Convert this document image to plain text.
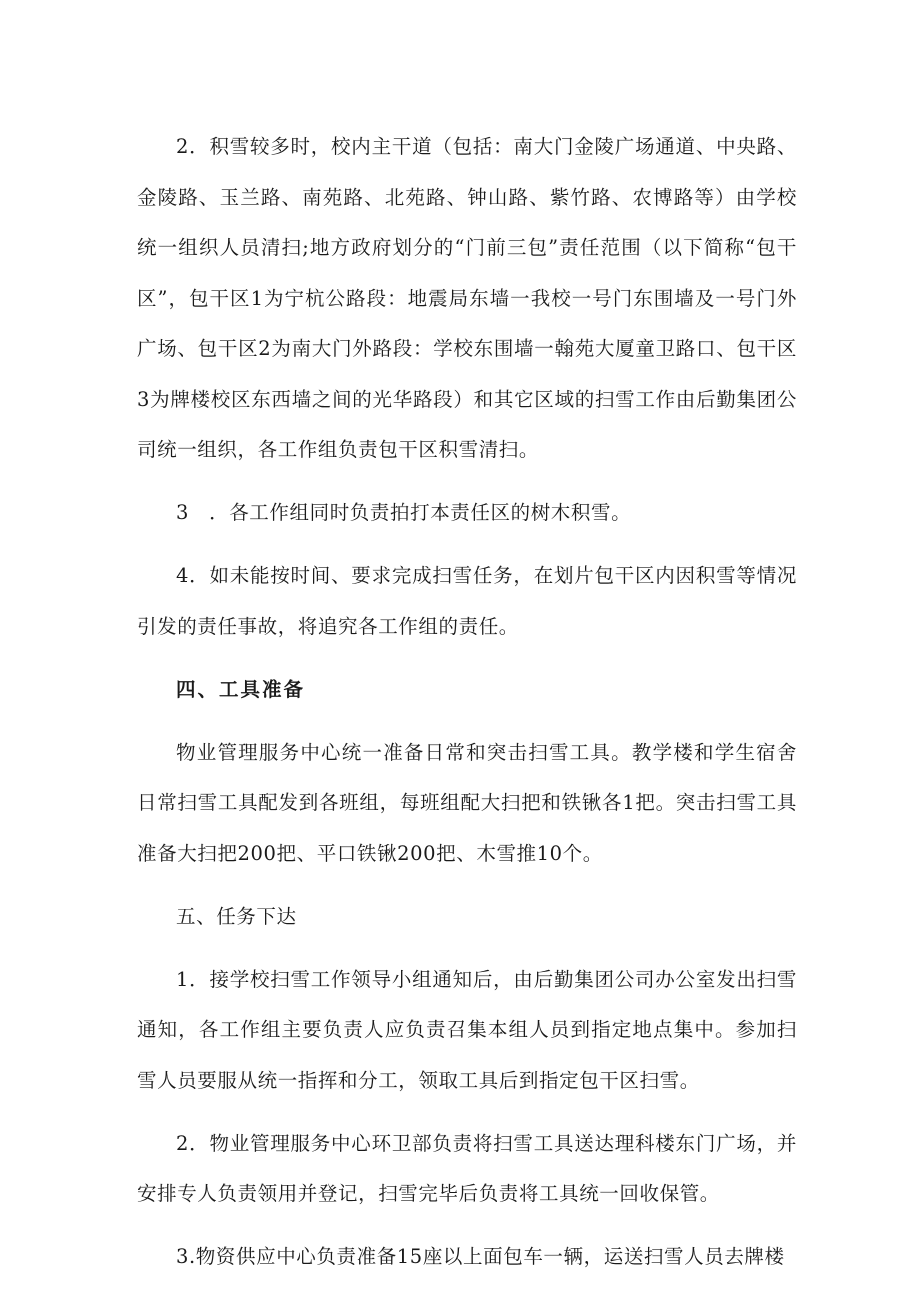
2．积雪较多时，校内主干道（包括：南大门金陵广场通道、中央路、金陵路、玉兰路、南苑路、北苑路、钟山路、紫竹路、农博路等）由学校统一组织人员清扫;地方政府划分的“门前三包”责任范围（以下简称“包干区”，包干区1为宁杭公路段：地震局东墙一我校一号门东围墙及一号门外广场、包干区2为南大门外路段：学校东围墙一翰苑大厦童卫路口、包干区3为牌楼校区东西墙之间的光华路段）和其它区域的扫雪工作由后勤集团公司统一组织，各工作组负责包干区积雪清扫。

3　．各工作组同时负责拍打本责任区的树木积雪。

4．如未能按时间、要求完成扫雪任务，在划片包干区内因积雪等情况引发的责任事故，将追究各工作组的责任。

四、工具准备

物业管理服务中心统一准备日常和突击扫雪工具。教学楼和学生宿舍日常扫雪工具配发到各班组，每班组配大扫把和铁锹各1把。突击扫雪工具准备大扫把200把、平口铁锹200把、木雪推10个。

五、任务下达

1．接学校扫雪工作领导小组通知后，由后勤集团公司办公室发出扫雪通知，各工作组主要负责人应负责召集本组人员到指定地点集中。参加扫雪人员要服从统一指挥和分工，领取工具后到指定包干区扫雪。

2．物业管理服务中心环卫部负责将扫雪工具送达理科楼东门广场，并安排专人负责领用并登记，扫雪完毕后负责将工具统一回收保管。

3.物资供应中心负责准备15座以上面包车一辆，运送扫雪人员去牌楼
